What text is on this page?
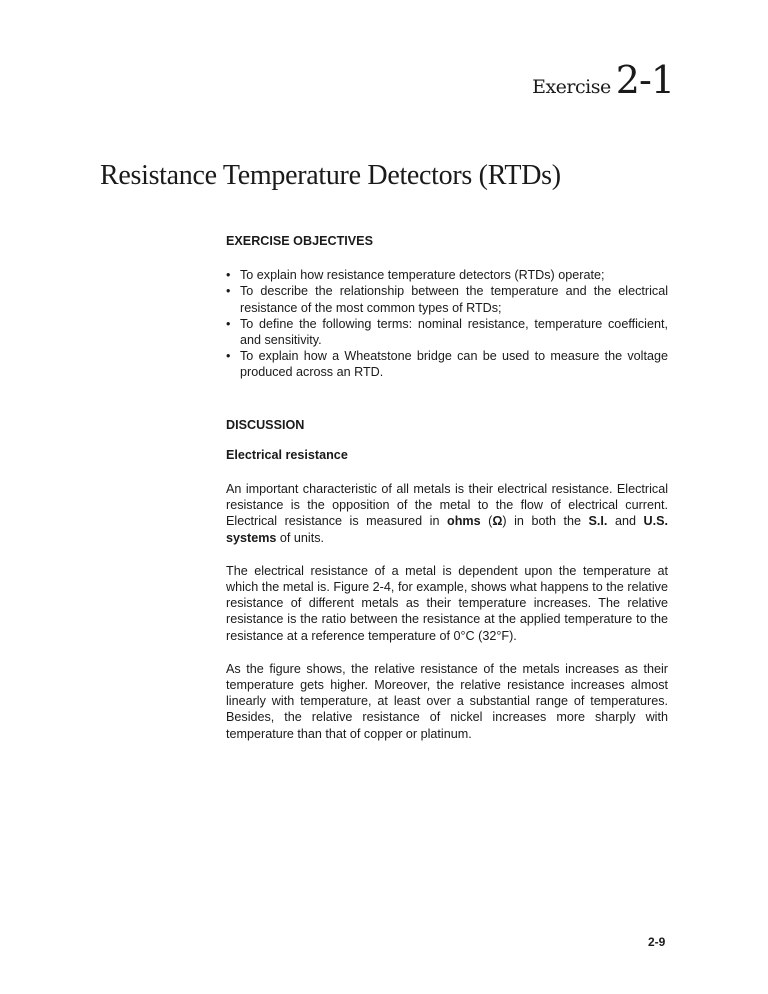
Exercise 2-1
Resistance Temperature Detectors (RTDs)
EXERCISE OBJECTIVES
• To explain how resistance temperature detectors (RTDs) operate;
• To describe the relationship between the temperature and the electrical resistance of the most common types of RTDs;
• To define the following terms: nominal resistance, temperature coefficient, and sensitivity.
• To explain how a Wheatstone bridge can be used to measure the voltage produced across an RTD.
DISCUSSION
Electrical resistance

An important characteristic of all metals is their electrical resistance. Electrical resistance is the opposition of the metal to the flow of electrical current. Electrical resistance is measured in ohms (Ω) in both the S.I. and U.S. systems of units.

The electrical resistance of a metal is dependent upon the temperature at which the metal is. Figure 2-4, for example, shows what happens to the relative resistance of different metals as their temperature increases. The relative resistance is the ratio between the resistance at the applied temperature to the resistance at a reference temperature of 0°C (32°F).

As the figure shows, the relative resistance of the metals increases as their temperature gets higher. Moreover, the relative resistance increases almost linearly with temperature, at least over a substantial range of temperatures. Besides, the relative resistance of nickel increases more sharply with temperature than that of copper or platinum.

2-9
